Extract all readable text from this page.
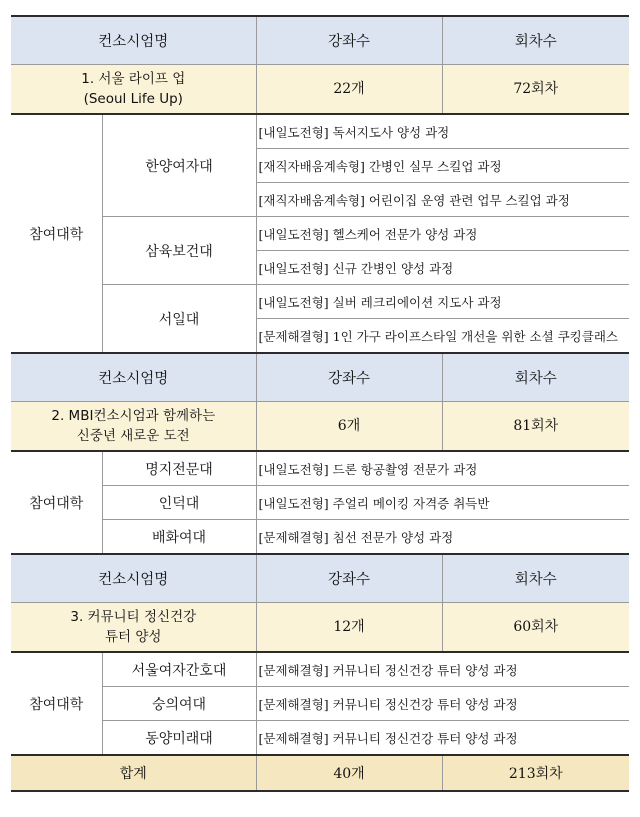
컨소시엄명		강좌수	회차수

1. 서울 라이프 업
(Seoul Life Up)		22개	72회차
참여대학	한양여자대	[내일도전형] 독서지도사 양성 과정	
		[재직자배움계속형] 간병인 실무 스킬업 과정	
		[재직자배움계속형] 어린이집 운영 관련 업무 스킬업 과정	
	삼육보건대	[내일도전형] 헬스케어 전문가 양성 과정	
		[내일도전형] 신규 간병인 양성 과정	
	서일대	[내일도전형] 실버 레크리에이션 지도사 과정	
		[문제해결형] 1인 가구 라이프스타일 개선을 위한 소셜 쿠킹클래스	
컨소시엄명		강좌수	회차수

2. MBI컨소시엄과 함께하는
신중년 새로운 도전		6개	81회차
참여대학	명지전문대	[내일도전형] 드론 항공촬영 전문가 과정	
	인덕대	[내일도전형] 주얼리 메이킹 자격증 취득반	
	배화여대	[문제해결형] 침선 전문가 양성 과정	
컨소시엄명		강좌수	회차수

3. 커뮤니티 정신건강
튜터 양성		12개	60회차
참여대학	서울여자간호대	[문제해결형] 커뮤니티 정신건강 튜터 양성 과정	
	숭의여대	[문제해결형] 커뮤니티 정신건강 튜터 양성 과정	
	동양미래대	[문제해결형] 커뮤니티 정신건강 튜터 양성 과정	
합계		40개	213회차
